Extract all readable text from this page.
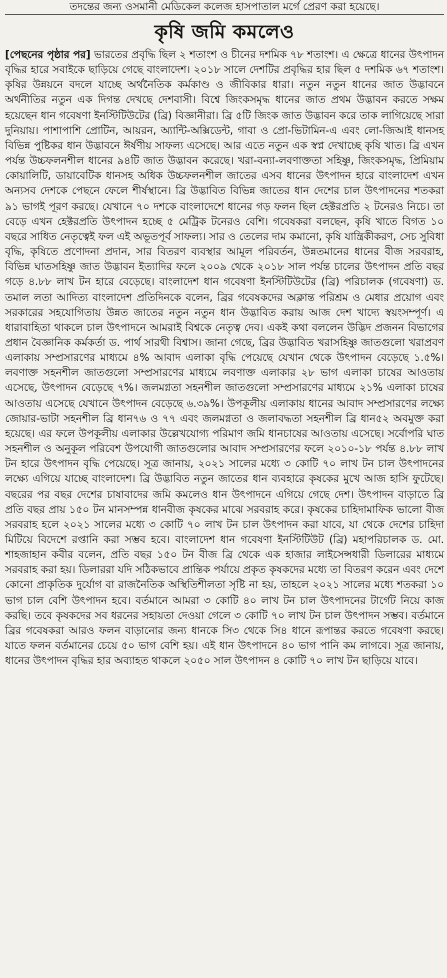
তদন্তের জন্য ওসমানী মেডিকেল কলেজ হাসপাতাল মর্গে প্রেরণ করা হয়েছে।

কৃষি জমি কমলেও

[পেছনের পৃষ্ঠার পর] ভারতের প্রবৃদ্ধি ছিল ২ শতাংশ ও চীনের দশমিক ৭৮ শতাংশ। এ ক্ষেত্রে ধানের উৎপাদন বৃদ্ধির হারে সবাইকে ছাড়িয়ে গেছে বাংলাদেশ। ২০১৮ সালে দেশটির প্রবৃদ্ধির হার ছিল ৫ দশমিক ৬৭ শতাংশ। কৃষির উন্নয়নে বদলে যাচ্ছে অর্থনৈতিক কর্মকাণ্ড ও জীবিকার ধারা। নতুন নতুন ধানের জাত উদ্ভাবনে অর্থনীতির নতুন এক দিগন্ত দেখছে দেশবাসী। বিশ্বে জিংকসমৃদ্ধ ধানের জাত প্রথম উদ্ভাবন করতে সক্ষম হয়েছেন ধান গবেষণা ইনস্টিটিউটের (ব্রি) বিজ্ঞানীরা। ব্রি ৫টি জিংক জাত উদ্ভাবন করে তাক লাগিয়েছে সারা দুনিয়ায়। পাশাপাশি প্রোটিন, আয়রন, অ্যান্টি-অক্সিডেন্ট, গাবা ও প্রো-ভিটামিন-এ এবং লো-জিআই ধানসহ বিভিন্ন পুষ্টিকর ধান উদ্ভাবনে ঈর্ষণীয় সাফল্য এসেছে। আর এতে নতুন এক স্বপ্ন দেখাচ্ছে কৃষি খাত। ব্রি এখন পর্যন্ত উচ্চফলনশীল ধানের ৯৪টি জাত উদ্ভাবন করেছে। খরা-বন্যা-লবণাক্ততা সহিষ্ণু, জিংকসমৃদ্ধ, প্রিমিয়াম কোয়ালিটি, ডায়াবেটিক ধানসহ অধিক উচ্চফলনশীল জাতের এসব ধানের উৎপাদন হারে বাংলাদেশ এখন অন্যসব দেশকে পেছনে ফেলে শীর্ষস্থানে। ব্রি উদ্ভাবিত বিভিন্ন জাতের ধান দেশের চাল উৎপাদনের শতকরা ৯১ ভাগই পূরণ করছে। যেখানে ৭০ দশকে বাংলাদেশে ধানের গড় ফলন ছিল হেক্টরপ্রতি ২ টনেরও নিচে। তা বেড়ে এখন হেক্টরপ্রতি উৎপাদন হচ্ছে ৫ মেট্রিক টনেরও বেশি। গবেষকরা বলছেন, কৃষি খাতে বিগত ১০ বছরে সাধিত নেতৃত্বেই ফল এই অভূতপূর্ব সাফল্য। সার ও তেলের দাম কমানো, কৃষি যান্ত্রিকীকরণ, সেচ সুবিধা বৃদ্ধি, কৃষিতে প্রণোদনা প্রদান, সার বিতরণ ব্যবস্থার আমূল পরিবর্তন, উন্নতমানের ধানের বীজ সরবরাহ, বিভিন্ন ঘাতসহিষ্ণু জাত উদ্ভাবন ইত্যাদির ফলে ২০০৯ থেকে ২০১৮ সাল পর্যন্ত চালের উৎপাদন প্রতি বছর গড়ে ৪.৮৮ লাখ টন হারে বেড়েছে। বাংলাদেশ ধান গবেষণা ইনস্টিটিউটের (ব্রি) পরিচালক (গবেষণা) ড. তমাল লতা আদিত্য বাংলাদেশ প্রতিদিনকে বলেন, ব্রির গবেষকদের অক্লান্ত পরিশ্রম ও মেধার প্রয়োগ এবং সরকারের সহযোগিতায় উন্নত জাতের নতুন নতুন ধান উদ্ভাবিত করায় আজ দেশ খাদ্যে স্বয়ংসম্পূর্ণ। এ ধারাবাহিতা থাকলে চাল উৎপাদনে আমরাই বিশ্বকে নেতৃত্ব দেব। একই কথা বললেন উদ্ভিদ প্রজনন বিভাগের প্রধান বৈজ্ঞানিক কর্মকর্তা ড. পার্থ সারথী বিশ্বাস। জানা গেছে, ব্রির উদ্ভাবিত খরাসহিষ্ণু জাতগুলো খরাপ্রবণ এলাকায় সম্প্রসারণের মাধ্যমে ৪% আবাদ এলাকা বৃদ্ধি পেয়েছে যেখান থেকে উৎপাদন বেড়েছে ১.৫%। লবণাক্ত সহনশীল জাতগুলো সম্প্রসারণের মাধ্যমে লবণাক্ত এলাকার ২৮ ভাগ এলাকা চাষের আওতায় এসেছে, উৎপাদন বেড়েছে ৭%। জলমগ্নতা সহনশীল জাতগুলো সম্প্রসারণের মাধ্যমে ২১% এলাকা চাষের আওতায় এসেছে যেখানে উৎপাদন বেড়েছে ৬.৩৯%। উপকূলীয় এলাকায় ধানের আবাদ সম্প্রসারণের লক্ষ্যে জোয়ার-ভাটা সহনশীল ব্রি ধান৭৬ ও ৭৭ এবং জলমগ্নতা ও জলাবদ্ধতা সহনশীল ব্রি ধান৫২ অবমুক্ত করা হয়েছে। এর ফলে উপকূলীয় এলাকার উল্লেখযোগ্য পরিমাণ জমি ধানচাষের আওতায় এসেছে। সর্বোপরি ঘাত সহনশীল ও অনুকূল পরিবেশ উপযোগী জাতগুলোর আবাদ সম্প্রসারণের ফলে ২০১০-১৮ পর্যন্ত ৪.৮৮ লাখ টন হারে উৎপাদন বৃদ্ধি পেয়েছে। সূত্র জানায়, ২০২১ সালের মধ্যে ৩ কোটি ৭০ লাখ টন চাল উৎপাদনের লক্ষ্যে এগিয়ে যাচ্ছে বাংলাদেশ। ব্রি উদ্ভাবিত নতুন জাতের ধান ব্যবহারে কৃষকের মুখে আজ হাসি ফুটেছে। বছরের পর বছর দেশের চাষাবাদের জমি কমলেও ধান উৎপাদনে এগিয়ে গেছে দেশ। উৎপাদন বাড়াতে ব্রি প্রতি বছর প্রায় ১৫০ টন মানসম্পন্ন ধানবীজ কৃষকের মাঝে সরবরাহ করে। কৃষকের চাহিদামাফিক ভালো বীজ সরবরাহ হলে ২০২১ সালের মধ্যে ৩ কোটি ৭০ লাখ টন চাল উৎপাদন করা যাবে, যা থেকে দেশের চাহিদা মিটিয়ে বিদেশে রপ্তানি করা সম্ভব হবে। বাংলাদেশ ধান গবেষণা ইনস্টিটিউট (ব্রি) মহাপরিচালক ড. মো. শাহজাহান কবীর বলেন, প্রতি বছর ১৫০ টন বীজ ব্রি থেকে এক হাজার লাইসেন্সধারী ডিলারের মাধ্যমে সরবরাহ করা হয়। ডিলাররা যদি সঠিকভাবে প্রান্তিক পর্যায়ে প্রকৃত কৃষকদের মধ্যে তা বিতরণ করেন এবং দেশে কোনো প্রাকৃতিক দুর্যোগ বা রাজনৈতিক অস্থিতিশীলতা সৃষ্টি না হয়, তাহলে ২০২১ সালের মধ্যে শতকরা ১০ ভাগ চাল বেশি উৎপাদন হবে। বর্তমানে আমরা ৩ কোটি ৪০ লাখ টন চাল উৎপাদনের টার্গেট নিয়ে কাজ করছি। তবে কৃষকদের সব ধরনের সহায়তা দেওয়া গেলে ৩ কোটি ৭০ লাখ টন চাল উৎপাদন সম্ভব। বর্তমানে ব্রির গবেষকরা আরও ফলন বাড়ানোর জন্য ধানকে সি৩ থেকে সি৪ ধানে রূপান্তর করতে গবেষণা করছে। যাতে ফলন বর্তমানের চেয়ে ৫০ ভাগ বেশি হয়। এই ধান উৎপাদনে ৪০ ভাগ পানি কম লাগবে। সূত্র জানায়, ধানের উৎপাদন বৃদ্ধির হার অব্যাহত থাকলে ২০৫০ সাল উৎপাদন ৪ কোটি ৭০ লাখ টন ছাড়িয়ে যাবে।
